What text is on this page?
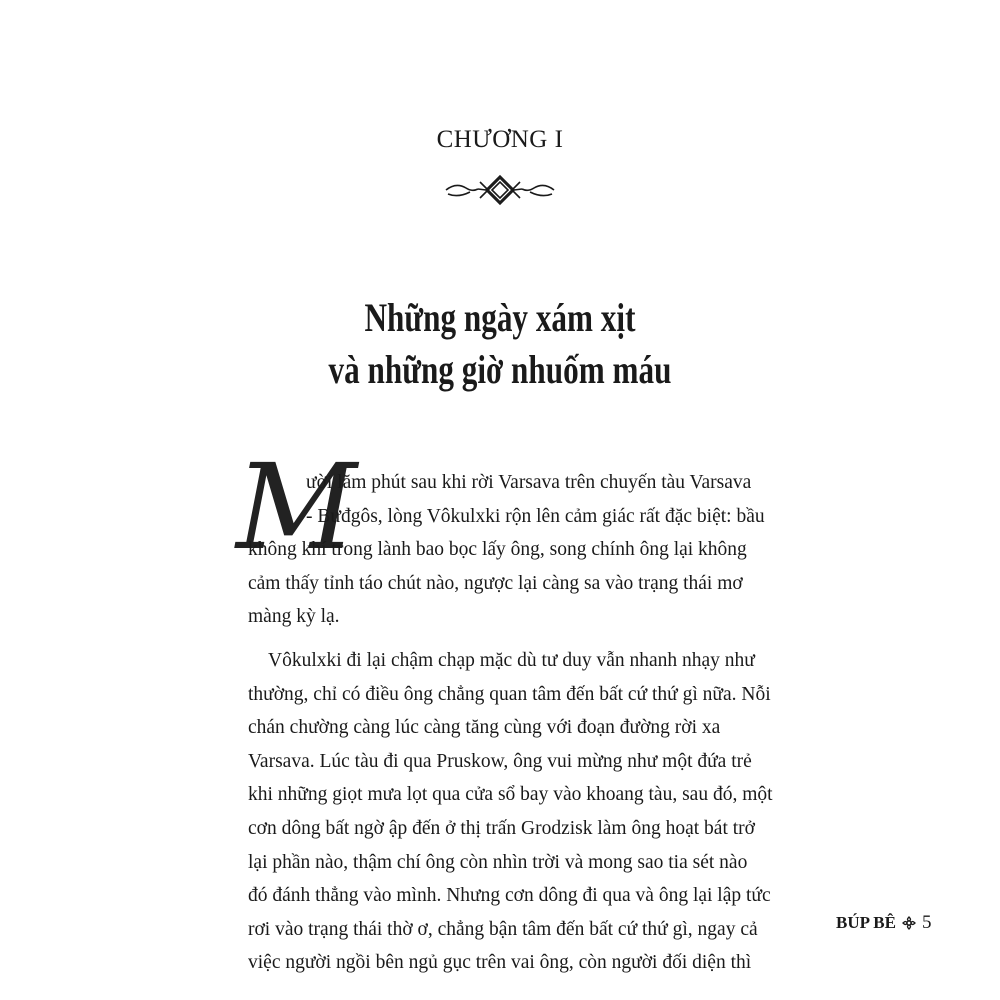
CHƯƠNG I
Những ngày xám xịt
và những giờ nhuốm máu
M
ười lăm phút sau khi rời Varsava trên chuyến tàu Varsava
- Bưđgôs, lòng Vôkulxki rộn lên cảm giác rất đặc biệt: bầu
không khí trong lành bao bọc lấy ông, song chính ông lại không
cảm thấy tỉnh táo chút nào, ngược lại càng sa vào trạng thái mơ
màng kỳ lạ.
Vôkulxki đi lại chậm chạp mặc dù tư duy vẫn nhanh nhạy như
thường, chỉ có điều ông chẳng quan tâm đến bất cứ thứ gì nữa. Nỗi
chán chường càng lúc càng tăng cùng với đoạn đường rời xa
Varsava. Lúc tàu đi qua Pruskow, ông vui mừng như một đứa trẻ
khi những giọt mưa lọt qua cửa sổ bay vào khoang tàu, sau đó, một
cơn dông bất ngờ ập đến ở thị trấn Grodzisk làm ông hoạt bát trở
lại phần nào, thậm chí ông còn nhìn trời và mong sao tia sét nào
đó đánh thẳng vào mình. Nhưng cơn dông đi qua và ông lại lập tức
rơi vào trạng thái thờ ơ, chẳng bận tâm đến bất cứ thứ gì, ngay cả
việc người ngồi bên ngủ gục trên vai ông, còn người đối diện thì
BÚP BÊ 5
